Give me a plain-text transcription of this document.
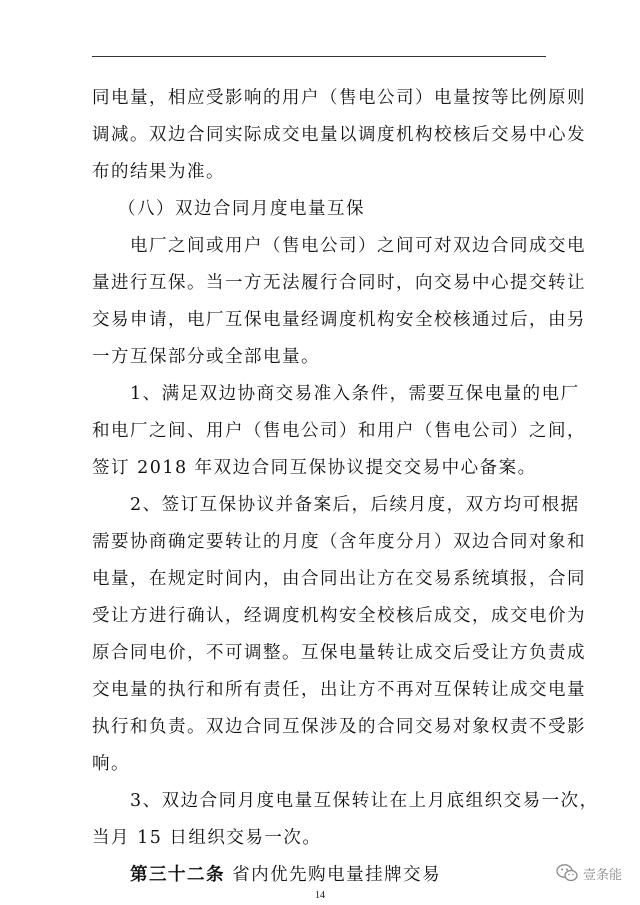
同电量，相应受影响的用户（售电公司）电量按等比例原则
调减。双边合同实际成交电量以调度机构校核后交易中心发
布的结果为准。
（八）双边合同月度电量互保
电厂之间或用户（售电公司）之间可对双边合同成交电
量进行互保。当一方无法履行合同时，向交易中心提交转让
交易申请，电厂互保电量经调度机构安全校核通过后，由另
一方互保部分或全部电量。
1、满足双边协商交易准入条件，需要互保电量的电厂
和电厂之间、用户（售电公司）和用户（售电公司）之间，
签订 2018 年双边合同互保协议提交交易中心备案。
2、签订互保协议并备案后，后续月度，双方均可根据
需要协商确定要转让的月度（含年度分月）双边合同对象和
电量，在规定时间内，由合同出让方在交易系统填报，合同
受让方进行确认，经调度机构安全校核后成交，成交电价为
原合同电价，不可调整。互保电量转让成交后受让方负责成
交电量的执行和所有责任，出让方不再对互保转让成交电量
执行和负责。双边合同互保涉及的合同交易对象权责不受影
响。
3、双边合同月度电量互保转让在上月底组织交易一次，
当月 15 日组织交易一次。
第三十二条 省内优先购电量挂牌交易
14
壹条能
